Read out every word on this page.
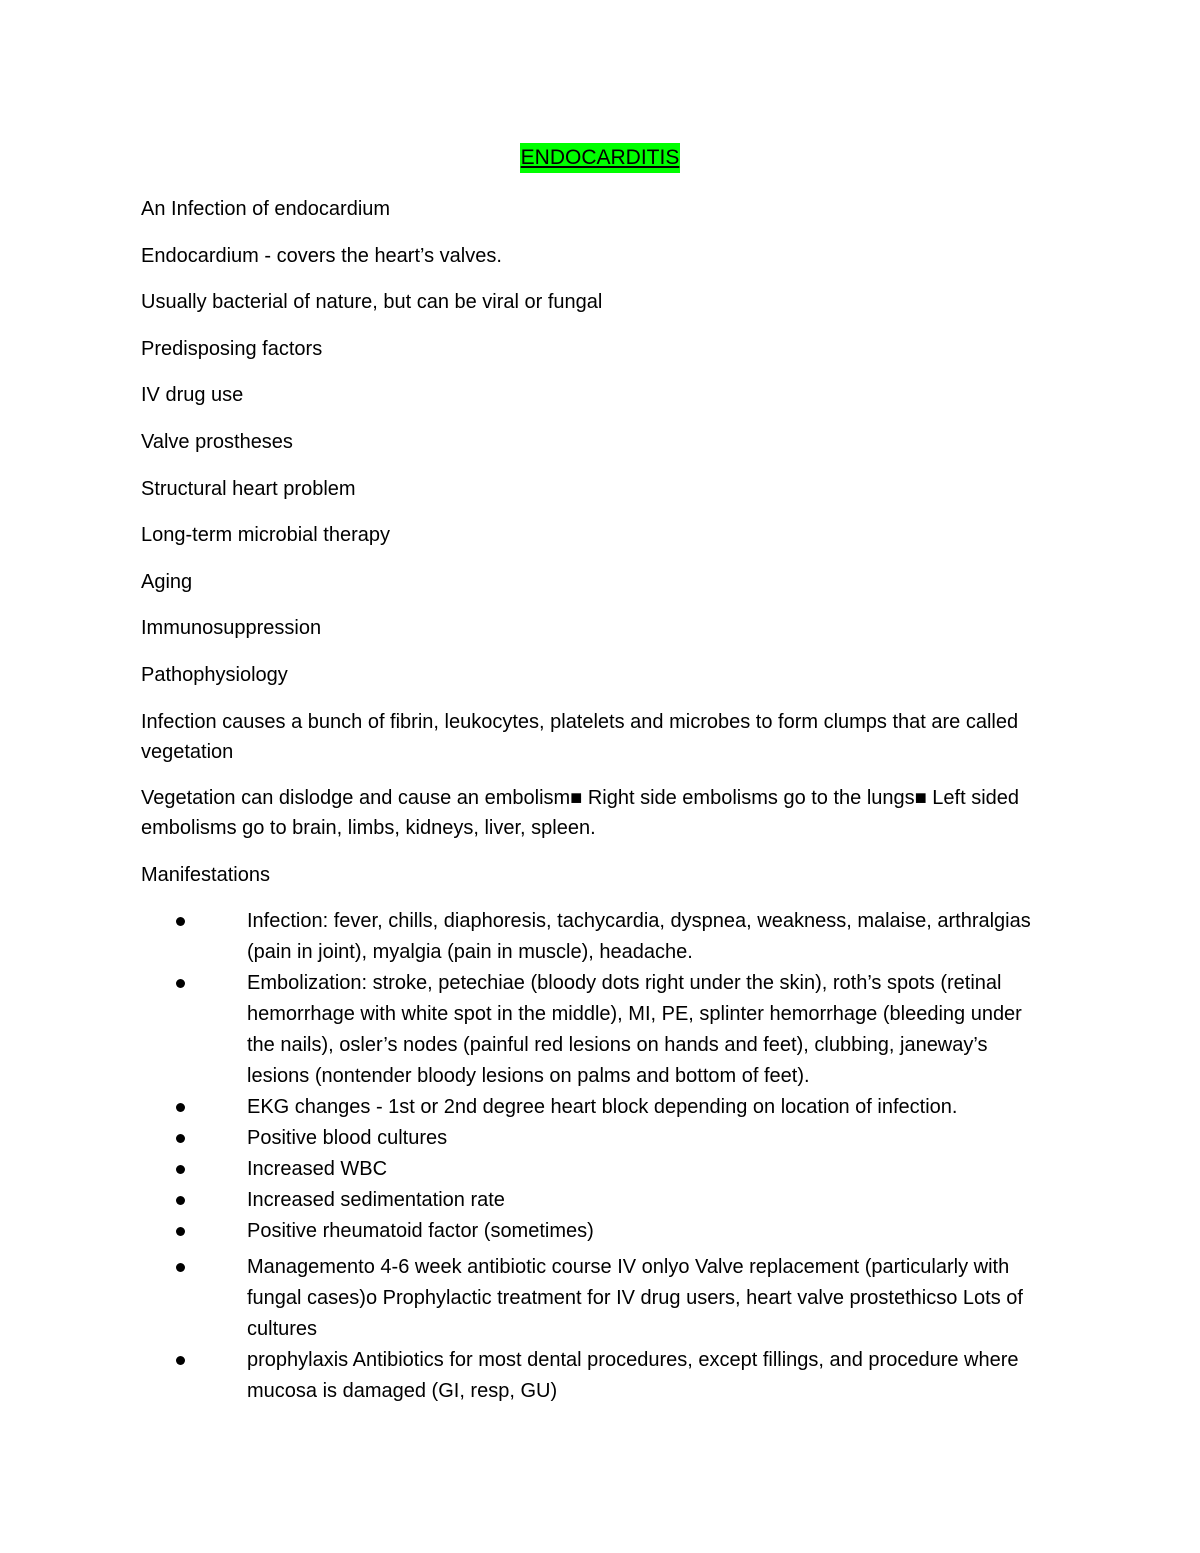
ENDOCARDITIS

An Infection of endocardium

Endocardium - covers the heart’s valves.

Usually bacterial of nature, but can be viral or fungal

Predisposing factors

IV drug use

Valve prostheses

Structural heart problem

Long-term microbial therapy

Aging

Immunosuppression

Pathophysiology

Infection causes a bunch of fibrin, leukocytes, platelets and microbes to form clumps that are called vegetation

Vegetation can dislodge and cause an embolism■ Right side embolisms go to the lungs■ Left sided embolisms go to brain, limbs, kidneys, liver, spleen.

Manifestations

Infection: fever, chills, diaphoresis, tachycardia, dyspnea, weakness, malaise, arthralgias (pain in joint), myalgia (pain in muscle), headache.
Embolization: stroke, petechiae (bloody dots right under the skin), roth’s spots (retinal hemorrhage with white spot in the middle), MI, PE, splinter hemorrhage (bleeding under the nails), osler’s nodes (painful red lesions on hands and feet), clubbing, janeway’s lesions (nontender bloody lesions on palms and bottom of feet).
EKG changes - 1st or 2nd degree heart block depending on location of infection.
Positive blood cultures
Increased WBC
Increased sedimentation rate
Positive rheumatoid factor (sometimes)
Managemento 4-6 week antibiotic course IV onlyo Valve replacement (particularly with fungal cases)o Prophylactic treatment for IV drug users, heart valve prostethicso Lots of cultures
prophylaxis Antibiotics for most dental procedures, except fillings, and procedure where mucosa is damaged (GI, resp, GU)
